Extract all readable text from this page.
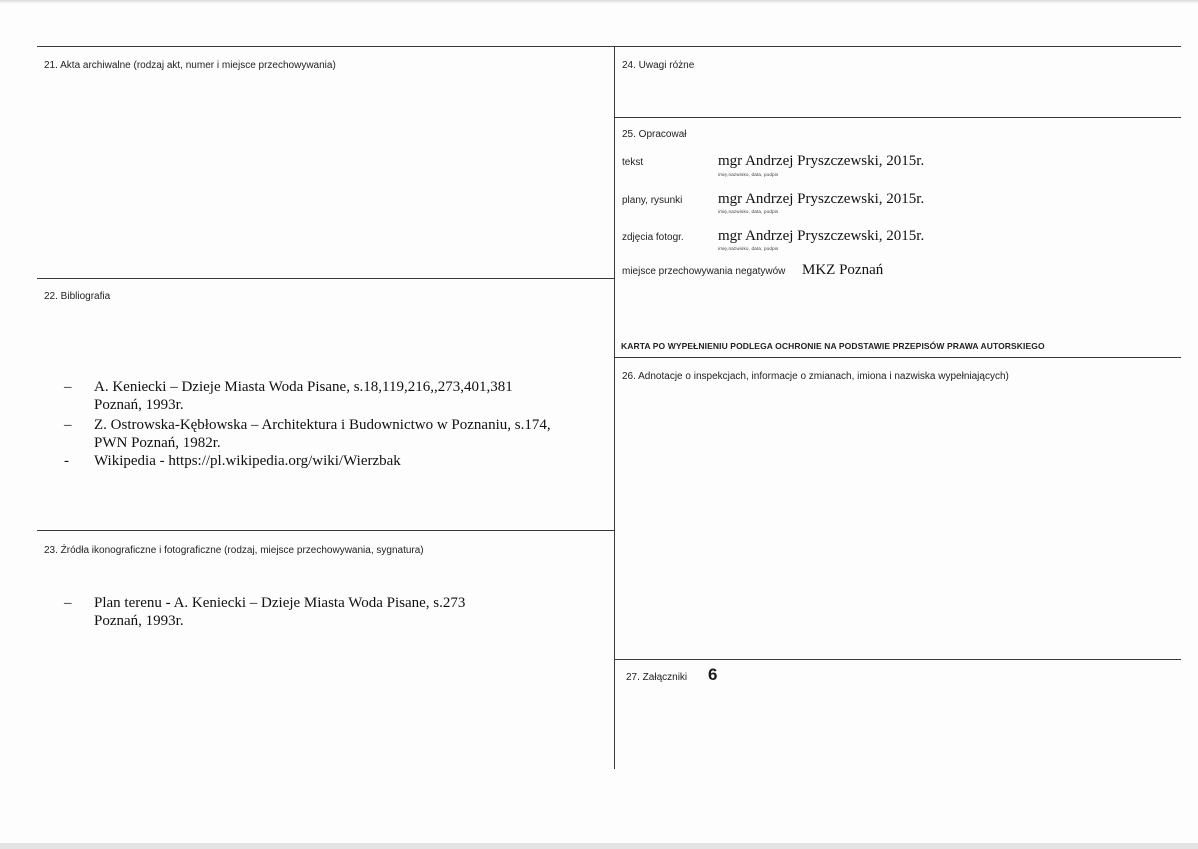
21. Akta archiwalne (rodzaj akt, numer i miejsce przechowywania)
22. Bibliografia
– A. Keniecki – Dzieje Miasta Woda Pisane, s.18,119,216,,273,401,381
Poznań, 1993r.
– Z. Ostrowska-Kębłowska – Architektura i Budownictwo w Poznaniu, s.174,
PWN Poznań, 1982r.
- Wikipedia - https://pl.wikipedia.org/wiki/Wierzbak
23. Źródła ikonograficzne i fotograficzne (rodzaj, miejsce przechowywania, sygnatura)
– Plan terenu - A. Keniecki – Dzieje Miasta Woda Pisane, s.273
Poznań, 1993r.
24. Uwagi różne
25. Opracował
tekst	mgr Andrzej Pryszczewski, 2015r.
imię,nazwisko, data, podpis
plany, rysunki mgr Andrzej Pryszczewski, 2015r.
imię,nazwisko, data, podpis
zdjęcia fotogr. mgr Andrzej Pryszczewski, 2015r.
imię,nazwisko, data, podpis
miejsce przechowywania negatywów MKZ Poznań
KARTA PO WYPEŁNIENIU PODLEGA OCHRONIE NA PODSTAWIE PRZEPISÓW PRAWA AUTORSKIEGO
26. Adnotacje o inspekcjach, informacje o zmianach, imiona i nazwiska wypełniających)
27. Załączniki 6
